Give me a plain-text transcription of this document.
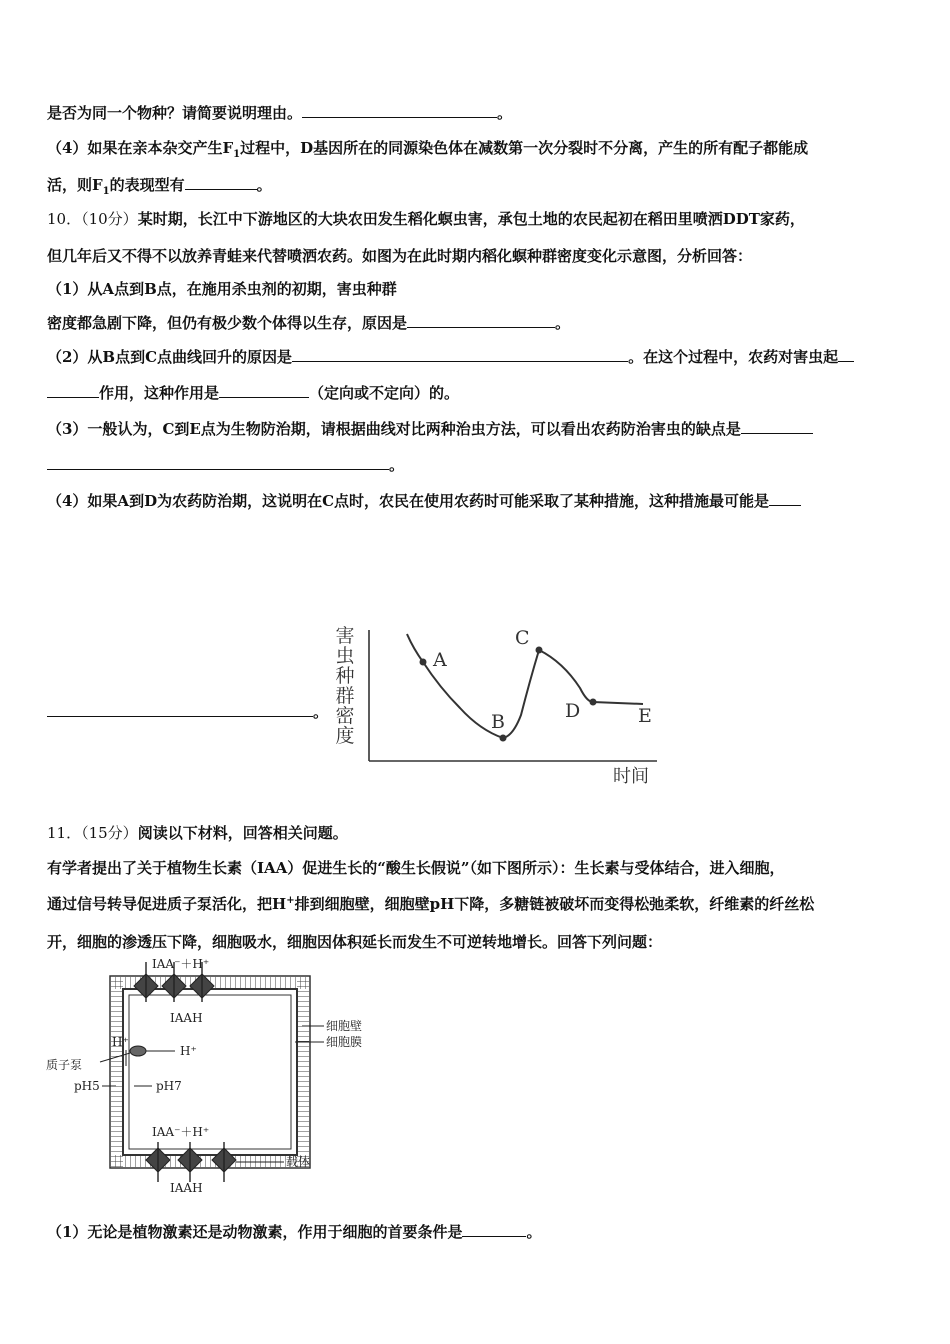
是否为同一个物种？请简要说明理由。	。
（4）如果在亲本杂交产生$F_1$过程中，D基因所在的同源染色体在减数第一次分裂时不分离，产生的所有配子都能成
活，则$F_1$的表现型有	。
10．（10分）某时期，长江中下游地区的大块农田发生稻化螟虫害，承包土地的农民起初在稻田里喷洒DDT家药，
但几年后又不得不以放养青蛙来代替喷洒农药。如图为在此时期内稻化螟种群密度变化示意图，分析回答：
（1）从A点到B点，在施用杀虫剂的初期，害虫种群
密度都急剧下降，但仍有极少数个体得以生存，原因是	。
（2）从B点到C点曲线回升的原因是	。在这个过程中，农药对害虫起
作用，这种作用是	（定向或不定向）的。
（3）一般认为，C到E点为生物防治期，请根据曲线对比两种治虫方法，可以看出农药防治害虫的缺点是
。
（4）如果A到D为农药防治期，这说明在C点时，农民在使用农药时可能采取了某种措施，这种措施最可能是
。
害
虫
种
群
密
度
A
B
C
D	E
时间
11．（15分）阅读以下材料，回答相关问题。
有学者提出了关于植物生长素（IAA）促进生长的“酸生长假说”（如下图所示）：生长素与受体结合，进入细胞，
通过信号转导促进质子泵活化，把H+排到细胞壁，细胞壁pH下降，多糖链被破坏而变得松弛柔软，纤维素的纤丝松
开，细胞的渗透压下降，细胞吸水，细胞因体积延长而发生不可逆转地增长。回答下列问题：
IAA⁻＋H⁺
IAAH
IAA⁻＋H⁺
IAAH
H⁺
H⁺
质子泵
pH5	pH7
细胞壁
细胞膜
载体
（1）无论是植物激素还是动物激素，作用于细胞的首要条件是	。
